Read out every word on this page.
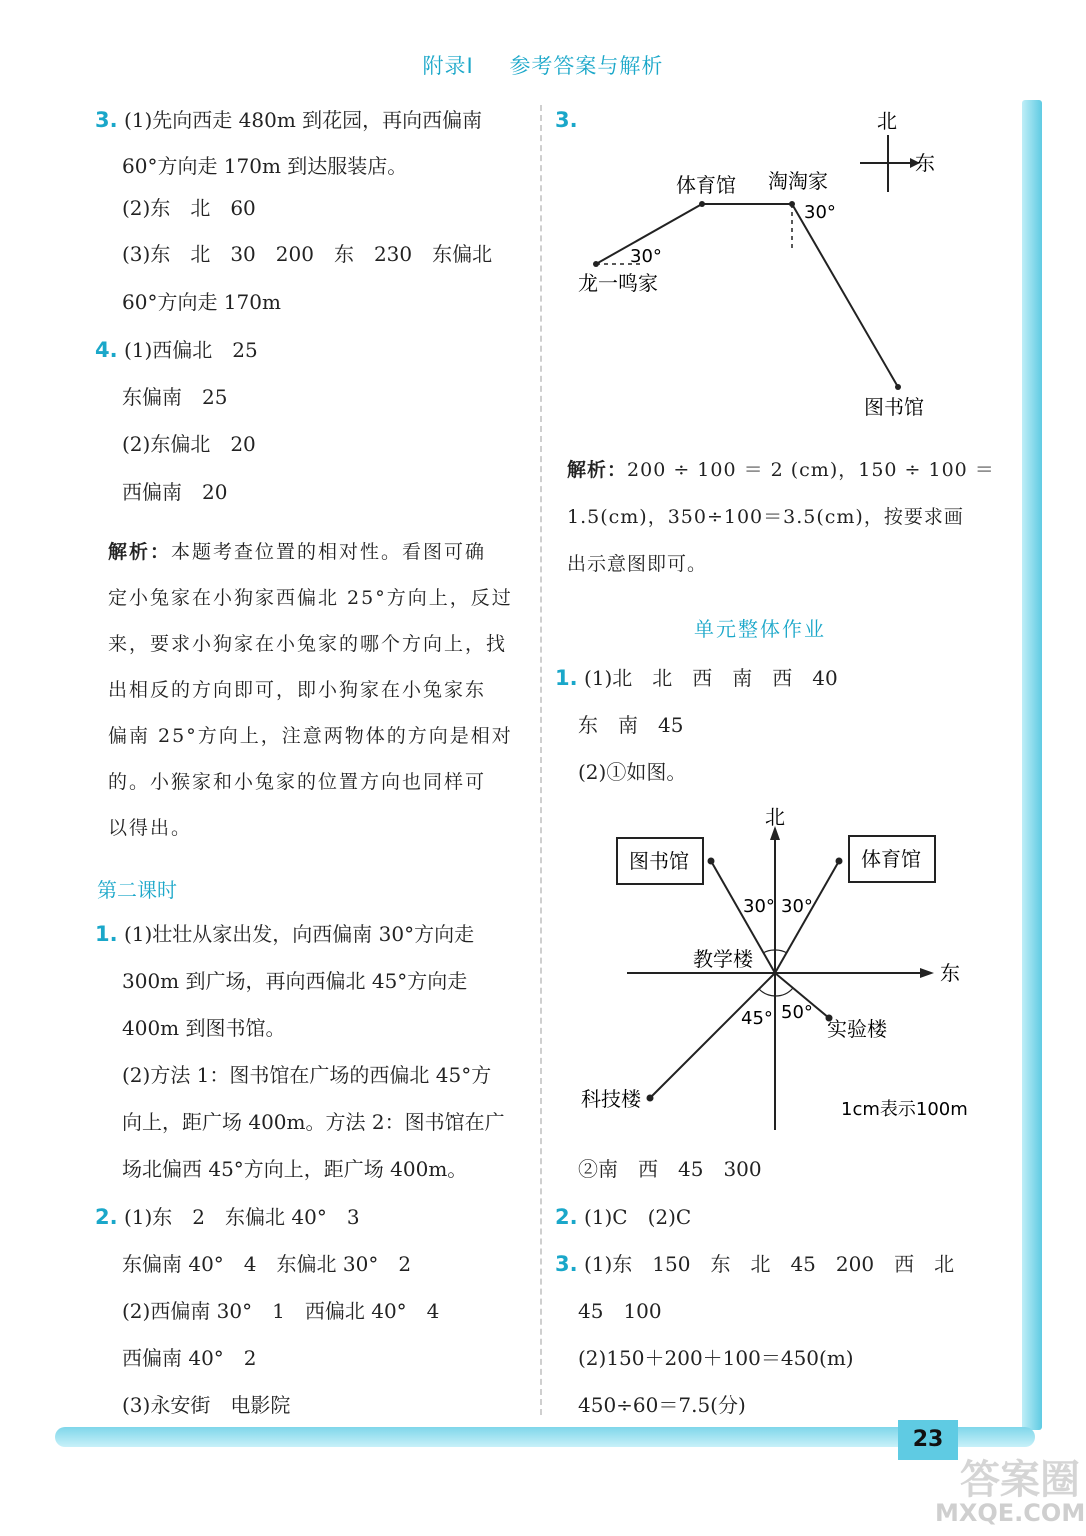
附录Ⅰ 参考答案与解析
3. (1)先向西走 480m 到花园，再向西偏南
60°方向走 170m 到达服装店。
(2)东　北　60
(3)东　北　30　200　东　230　东偏北
60°方向走 170m
4. (1)西偏北　25
东偏南　25
(2)东偏北　20
西偏南　20
解析：本题考查位置的相对性。看图可确
定小兔家在小狗家西偏北 25°方向上，反过
来，要求小狗家在小兔家的哪个方向上，找
出相反的方向即可，即小狗家在小兔家东
偏南 25°方向上，注意两物体的方向是相对
的。小猴家和小兔家的位置方向也同样可
以得出。
第二课时
1. (1)壮壮从家出发，向西偏南 30°方向走
300m 到广场，再向西偏北 45°方向走
400m 到图书馆。
(2)方法 1：图书馆在广场的西偏北 45°方
向上，距广场 400m。方法 2：图书馆在广
场北偏西 45°方向上，距广场 400m。
2. (1)东　2　东偏北 40°　3
东偏南 40°　4　东偏北 30°　2
(2)西偏南 30°　1　西偏北 40°　4
西偏南 40°　2
(3)永安街　电影院
3.	北
东
体育馆 淘淘家
龙一鸣家
图书馆
30°
30°
解析：200 ÷ 100 ＝ 2 (cm)，150 ÷ 100 ＝
1.5(cm)，350÷100＝3.5(cm)，按要求画
出示意图即可。
单元整体作业
1. (1)北　北　西　南　西　40
东　南　45
(2)①如图。
北
东
图书馆	体育馆
教学楼
实验楼
科技楼
30° 30°
45° 50°
1cm表示100m
②南　西　45　300
2. (1)C　(2)C
3. (1)东　150　东　北　45　200　西　北
45　100
(2)150＋200＋100＝450(m)
450÷60＝7.5(分)
23
答案圈
MXQE.COM
